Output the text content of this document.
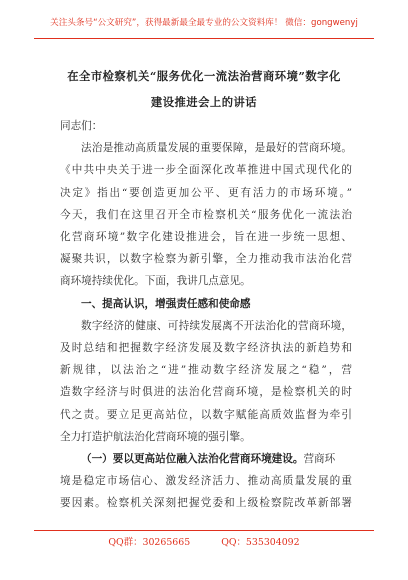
关注头条号“公文研究”，获得最新最全最专业的公文资料库！ 微信：gongwenyj
在全市检察机关“服务优化一流法治营商环境”数字化
建设推进会上的讲话
同志们：

法治是推动高质量发展的重要保障，是最好的营商环境。

《中共中央关于进一步全面深化改革推进中国式现代化的
决定》指出“要创造更加公平、更有活力的市场环境。”
今天，我们在这里召开全市检察机关“服务优化一流法治
化营商环境”数字化建设推进会，旨在进一步统一思想、
凝聚共识，以数字检察为新引擎，全力推动我市法治化营
商环境持续优化。下面，我讲几点意见。

一、提高认识，增强责任感和使命感

数字经济的健康、可持续发展离不开法治化的营商环境，

及时总结和把握数字经济发展及数字经济执法的新趋势和
新规律，以法治之“进”推动数字经济发展之“稳”，营
造数字经济与时俱进的法治化营商环境，是检察机关的时
代之责。要立足更高站位，以数字赋能高质效监督为牵引
全力打造护航法治化营商环境的强引擎。

（一）要以更高站位融入法治化营商环境建设。营商环

境是稳定市场信心、激发经济活力、推动高质量发展的重
要因素。检察机关深刻把握党委和上级检察院改革新部署

QQ群：30265665	QQ：535304092
